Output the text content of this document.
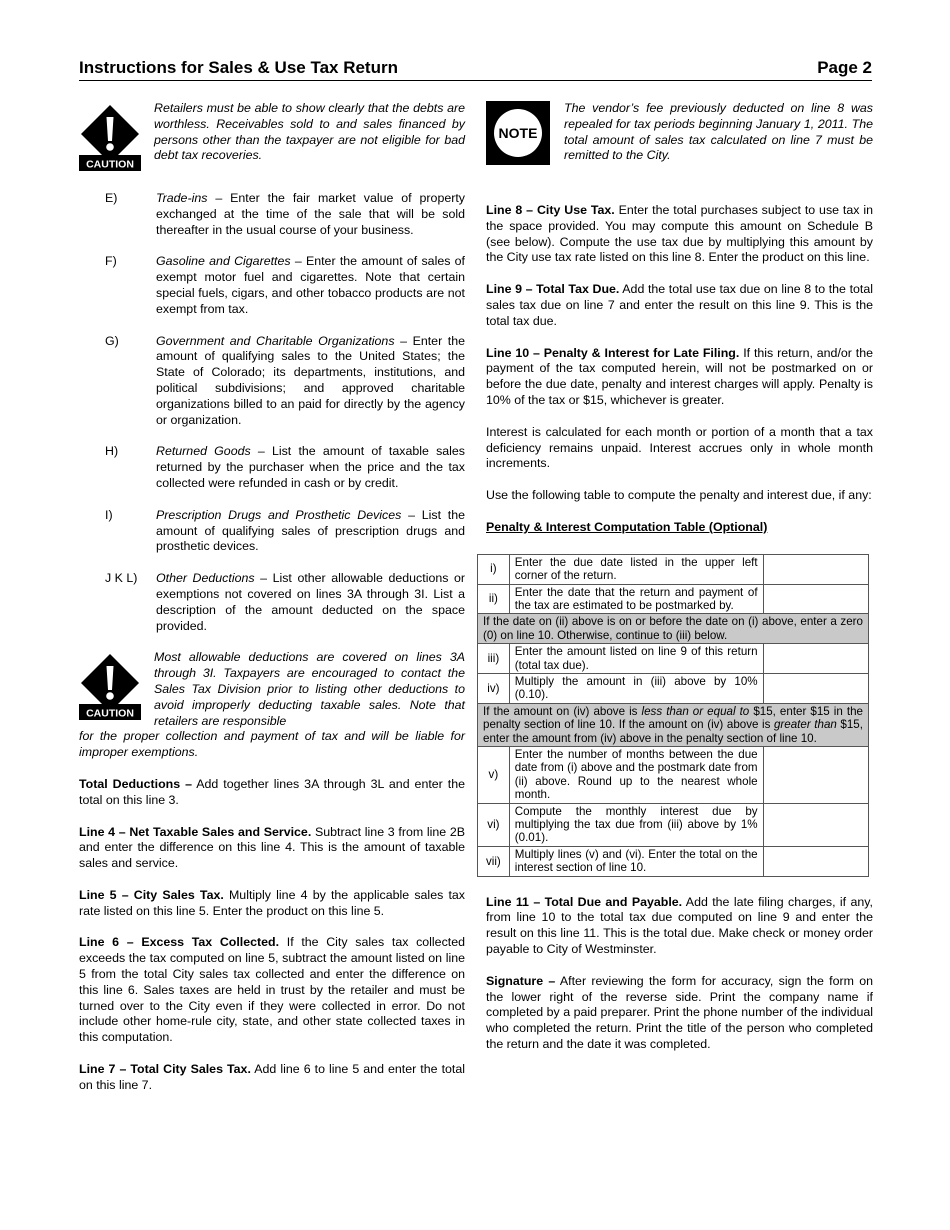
Instructions for Sales & Use Tax Return	Page 2
CAUTION
Retailers must be able to show clearly that the debts are worthless. Receivables sold to and sales financed by persons other than the taxpayer are not eligible for bad debt tax recoveries.
E)	Trade-ins – Enter the fair market value of property exchanged at the time of the sale that will be sold thereafter in the usual course of your business.
F)	Gasoline and Cigarettes – Enter the amount of sales of exempt motor fuel and cigarettes. Note that certain special fuels, cigars, and other tobacco products are not exempt from tax.
G)	Government and Charitable Organizations – Enter the amount of qualifying sales to the United States; the State of Colorado; its departments, institutions, and political subdivisions; and approved charitable organizations billed to an paid for directly by the agency or organization.
H)	Returned Goods – List the amount of taxable sales returned by the purchaser when the price and the tax collected were refunded in cash or by credit.
I)	Prescription Drugs and Prosthetic Devices – List the amount of qualifying sales of prescription drugs and prosthetic devices.
J K L)	Other Deductions – List other allowable deductions or exemptions not covered on lines 3A through 3I. List a description of the amount deducted on the space provided.
CAUTION
Most allowable deductions are covered on lines 3A through 3I. Taxpayers are encouraged to contact the Sales Tax Division prior to listing other deductions to avoid improperly deducting taxable sales. Note that retailers are responsible

for the proper collection and payment of tax and will be liable for improper exemptions.

Total Deductions – Add together lines 3A through 3L and enter the total on this line 3.

Line 4 – Net Taxable Sales and Service. Subtract line 3 from line 2B and enter the difference on this line 4. This is the amount of taxable sales and service.

Line 5 – City Sales Tax. Multiply line 4 by the applicable sales tax rate listed on this line 5. Enter the product on this line 5.

Line 6 – Excess Tax Collected. If the City sales tax collected exceeds the tax computed on line 5, subtract the amount listed on line 5 from the total City sales tax collected and enter the difference on this line 6. Sales taxes are held in trust by the retailer and must be turned over to the City even if they were collected in error. Do not include other home-rule city, state, and other state collected taxes in this computation.

Line 7 – Total City Sales Tax. Add line 6 to line 5 and enter the total on this line 7.

NOTE
The vendor’s fee previously deducted on line 8 was repealed for tax periods beginning January 1, 2011. The total amount of sales tax calculated on line 7 must be remitted to the City.

Line 8 – City Use Tax. Enter the total purchases subject to use tax in the space provided. You may compute this amount on Schedule B (see below). Compute the use tax due by multiplying this amount by the City use tax rate listed on this line 8. Enter the product on this line.

Line 9 – Total Tax Due. Add the total use tax due on line 8 to the total sales tax due on line 7 and enter the result on this line 9. This is the total tax due.

Line 10 – Penalty & Interest for Late Filing. If this return, and/or the payment of the tax computed herein, will not be postmarked on or before the due date, penalty and interest charges will apply. Penalty is 10% of the tax or $15, whichever is greater.

Interest is calculated for each month or portion of a month that a tax deficiency remains unpaid. Interest accrues only in whole month increments.

Use the following table to compute the penalty and interest due, if any:

Penalty & Interest Computation Table (Optional)

i)	Enter the due date listed in the upper left corner of the return.	
ii)	Enter the date that the return and payment of the tax are estimated to be postmarked by.	
If the date on (ii) above is on or before the date on (i) above, enter a zero (0) on line 10. Otherwise, continue to (iii) below.		
iii)	Enter the amount listed on line 9 of this return (total tax due).	
iv)	Multiply the amount in (iii) above by 10% (0.10).	
If the amount on (iv) above is less than or equal to $15, enter $15 in the penalty section of line 10. If the amount on (iv) above is greater than $15, enter the amount from (iv) above in the penalty section of line 10.		
v)	Enter the number of months between the due date from (i) above and the postmark date from (ii) above. Round up to the nearest whole month.	
vi)	Compute the monthly interest due by multiplying the tax due from (iii) above by 1% (0.01).	
vii)	Multiply lines (v) and (vi). Enter the total on the interest section of line 10.	

Line 11 – Total Due and Payable. Add the late filing charges, if any, from line 10 to the total tax due computed on line 9 and enter the result on this line 11. This is the total due. Make check or money order payable to City of Westminster.

Signature – After reviewing the form for accuracy, sign the form on the lower right of the reverse side. Print the company name if completed by a paid preparer. Print the phone number of the individual who completed the return. Print the title of the person who completed the return and the date it was completed.
